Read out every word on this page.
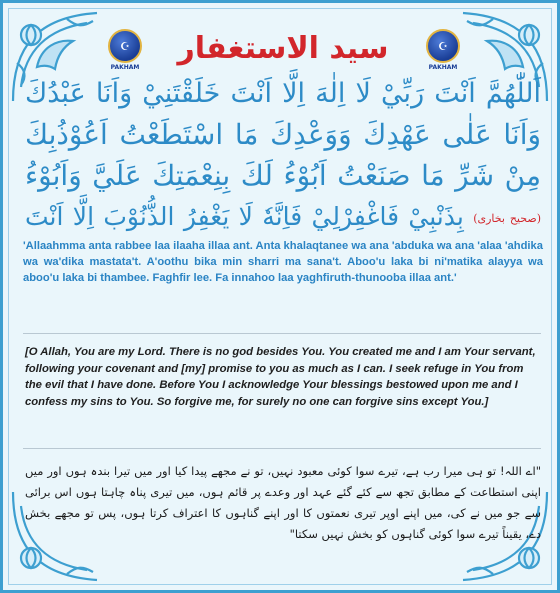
☪
PAKHAM
☪
PAKHAM
سید الاستغفار
اَللّٰهُمَّ اَنْتَ رَبِّيْ لَا اِلٰهَ اِلَّا اَنْتَ خَلَقْتَنِيْ وَاَنَا عَبْدُكَ
وَاَنَا عَلٰى عَهْدِكَ وَوَعْدِكَ مَا اسْتَطَعْتُ اَعُوْذُبِكَ
مِنْ شَرِّ مَا صَنَعْتُ اَبُوْءُ لَكَ بِنِعْمَتِكَ عَلَيَّ وَاَبُوْءُ
(صحیح بخاری) بِذَنْبِيْ فَاغْفِرْلِيْ فَاِنَّهٗ لَا يَغْفِرُ الذُّنُوْبَ اِلَّا اَنْتَ
'Allaahmma anta rabbee laa ilaaha illaa ant. Anta khalaqtanee wa ana 'abduka wa ana 'alaa 'ahdika wa wa'dika mastata't. A'oothu bika min sharri ma sana't. Aboo'u laka bi ni'matika alayya wa aboo'u laka bi thambee. Faghfir lee. Fa innahoo laa yaghfiruth-thunooba illaa ant.'
[O Allah, You are my Lord. There is no god besides You. You created me and I am Your servant, following your covenant and [my] promise to you as much as I can. I seek refuge in You from the evil that I have done. Before You I acknowledge Your blessings bestowed upon me and I confess my sins to You. So forgive me, for surely no one can forgive sins except You.]
"اے اللہ! تو ہی میرا رب ہے، تیرے سوا کوئی معبود نہیں، تو نے مجھے پیدا کیا اور میں تیرا بندہ ہوں اور میں اپنی استطاعت کے مطابق تجھ سے کئے گئے عہد اور وعدے پر قائم ہوں، میں تیری پناہ چاہتا ہوں اس برائی سے جو میں نے کی، میں اپنے اوپر تیری نعمتوں کا اور اپنے گناہوں کا اعتراف کرتا ہوں، پس تو مجھے بخش دے، یقیناً تیرے سوا کوئی گناہوں کو بخش نہیں سکتا"
